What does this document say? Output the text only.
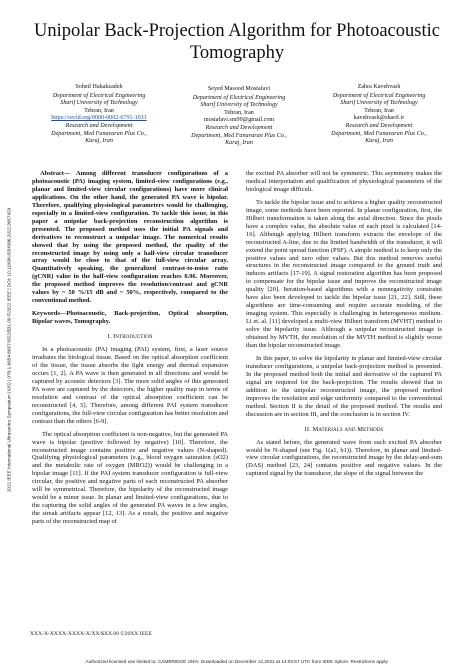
2022 IEEE International Ultrasonics Symposium (IUS) | 978-1-6654-6657-8/22/$31.00 ©2022 IEEE | DOI: 10.1109/IUS54386.2022.9957429
Unipolar Back-Projection Algorithm for Photoacoustic Tomography
Soheil Hakakzadeh
Department of Electrical Engineering
Sharif University of Technology
Tehran, Iran
https://orcid.org/0000-0002-6791-1031
Research and Development
Department, Med Fanavaran Plus Co.,
Karaj, Iran
Seyed Masood Mostafavi
Department of Electrical Engineering
Sharif University of Technology
Tehran, Iran
mostafavi.sm99@gmail.com
Research and Development
Department, Med Fanavaran Plus Co.,
Karaj, Iran
Zahra Kavehvash
Department of Electrical Engineering
Sharif University of Technology
Tehran, Iran
kavehvash@sharif.ir
Research and Development
Department, Med Fanavaran Plus Co.,
Karaj, Iran

Abstract— Among different transducer configurations of a photoacoustic (PA) imaging system, limited-view configurations (e.g., planar and limited-view circular configurations) have more clinical applications. On the other hand, the generated PA wave is bipolar. Therefore, qualifying physiological parameters would be challenging, especially in a limited-view configuration. To tackle this issue, in this paper a unipolar back-projection reconstruction algorithm is presented. The proposed method uses the initial PA signals and derivatives to reconstruct a unipolar image. The numerical results showed that by using the proposed method, the quality of the reconstructed image by using only a half-view circular transducer array would be close to that of the full-view circular array. Quantitatively speaking, the generalized contrast-to-noise ratio (gCNR) value in the half-view configuration reaches 0.96. Moreover, the proposed method improves the resolution/contrast and gCNR values by ~ 50 %/15 dB and ~ 50%, respectively, compared to the conventional method.

Keywords—Photoacoustic, Back-projection, Optical absorption, Bipolar waves, Tomography.

I. Introduction

In a photoacoustic (PA) imaging (PAI) system, first, a laser source irradiates the biological tissue. Based on the optical absorption coefficient of the tissue, the tissue absorbs the light energy and thermal expansion occurs [1, 2]. A PA wave is then generated in all directions and would be captured by acoustic detectors [3]. The more solid angles of this generated PA wave are captured by the detectors, the higher quality map in terms of resolution and contrast of the optical absorption coefficient can be reconstructed [4, 5]. Therefore, among different PAI system transducer configurations, the full-view circular configuration has better resolution and contrast than the others [6-9].

The optical absorption coefficient is non-negative, but the generated PA wave is bipolar (positive followed by negative) [10]. Therefore, the reconstructed image contains positive and negative values (N-shaped). Qualifying physiological parameters (e.g., blood oxygen saturation (sO2) and the metabolic rate of oxygen (MRO2)) would be challenging in a bipolar image [11]. If the PAI system transducer configuration is full-view circular, the positive and negative parts of each reconstructed PA absorber will be symmetrical. Therefore, the bipolarity of the reconstructed image would be a minor issue. In planar and limited-view configurations, due to the capturing the solid angles of the generated PA waves in a few angles, the streak artifacts appear [12, 13]. As a result, the positive and negative parts of the reconstructed map of

the excited PA absorber will not be symmetric. This asymmetry makes the medical interpretation and qualification of physiological parameters of the biological image difficult.

To tackle the bipolar issue and to achieve a higher quality reconstructed image, some methods have been reported. In planar configuration, first, the Hilbert transformation is taken along the axial direction. Since the pixels have a complex value, the absolute value of each pixel is calculated [14-16]. Although applying Hilbert transform extracts the envelope of the reconstructed A-line, due to the limited bandwidth of the transducer, it will extend the point spread function (PSF). A simple method is to keep only the positive values and zero other values. But this method removes useful structures in the reconstructed image compared to the ground truth and induces artifacts [17-19]. A signal restoration algorithm has been proposed to compensate for the bipolar issue and improve the reconstructed image quality [20]. Iteration-based algorithms with a nonnegativity constraint have also been developed to tackle the bipolar issue [21, 22]. Still, these algorithms are time-consuming and require accurate modeling of the imaging system. This especially is challenging in heterogeneous medium. Li et. al. [11] developed a multi-view Hilbert transform (MVHT) method to solve the bipolarity issue. Although a unipolar reconstructed image is obtained by MVTH, the resolution of the MVTH method is slightly worse than the bipolar reconstructed image.

In this paper, to solve the bipolarity in planar and limited-view circular transducer configurations, a unipolar back-projection method is presented. In the proposed method both the initial and derivative of the captured PA signal are required for the back-projection. The results showed that in addition to the unipolar reconstructed image, the proposed method improves the resolution and edge uniformity compared to the conventional method. Section II is the detail of the proposed method. The results and discussion are in section III, and the conclusion is in section IV.

II. Materials and Methods

As stated before, the generated wave from each excited PA absorber would be N-shaped (see Fig. 1(a1, b1)). Therefore, in planar and limited-view circular configurations, the reconstructed image by the delay-and-sum (DAS) method [23, 24] contains positive and negative values. In the captured signal by the transducer, the slope of the signal between the

XXX-X-XXXX-XXXX-X/XX/$XX.00 ©20XX IEEE
Authorized licensed use limited to: CAMBRIDGE UNIV. Downloaded on December 12,2022 at 14:03:57 UTC from IEEE Xplore. Restrictions apply.
